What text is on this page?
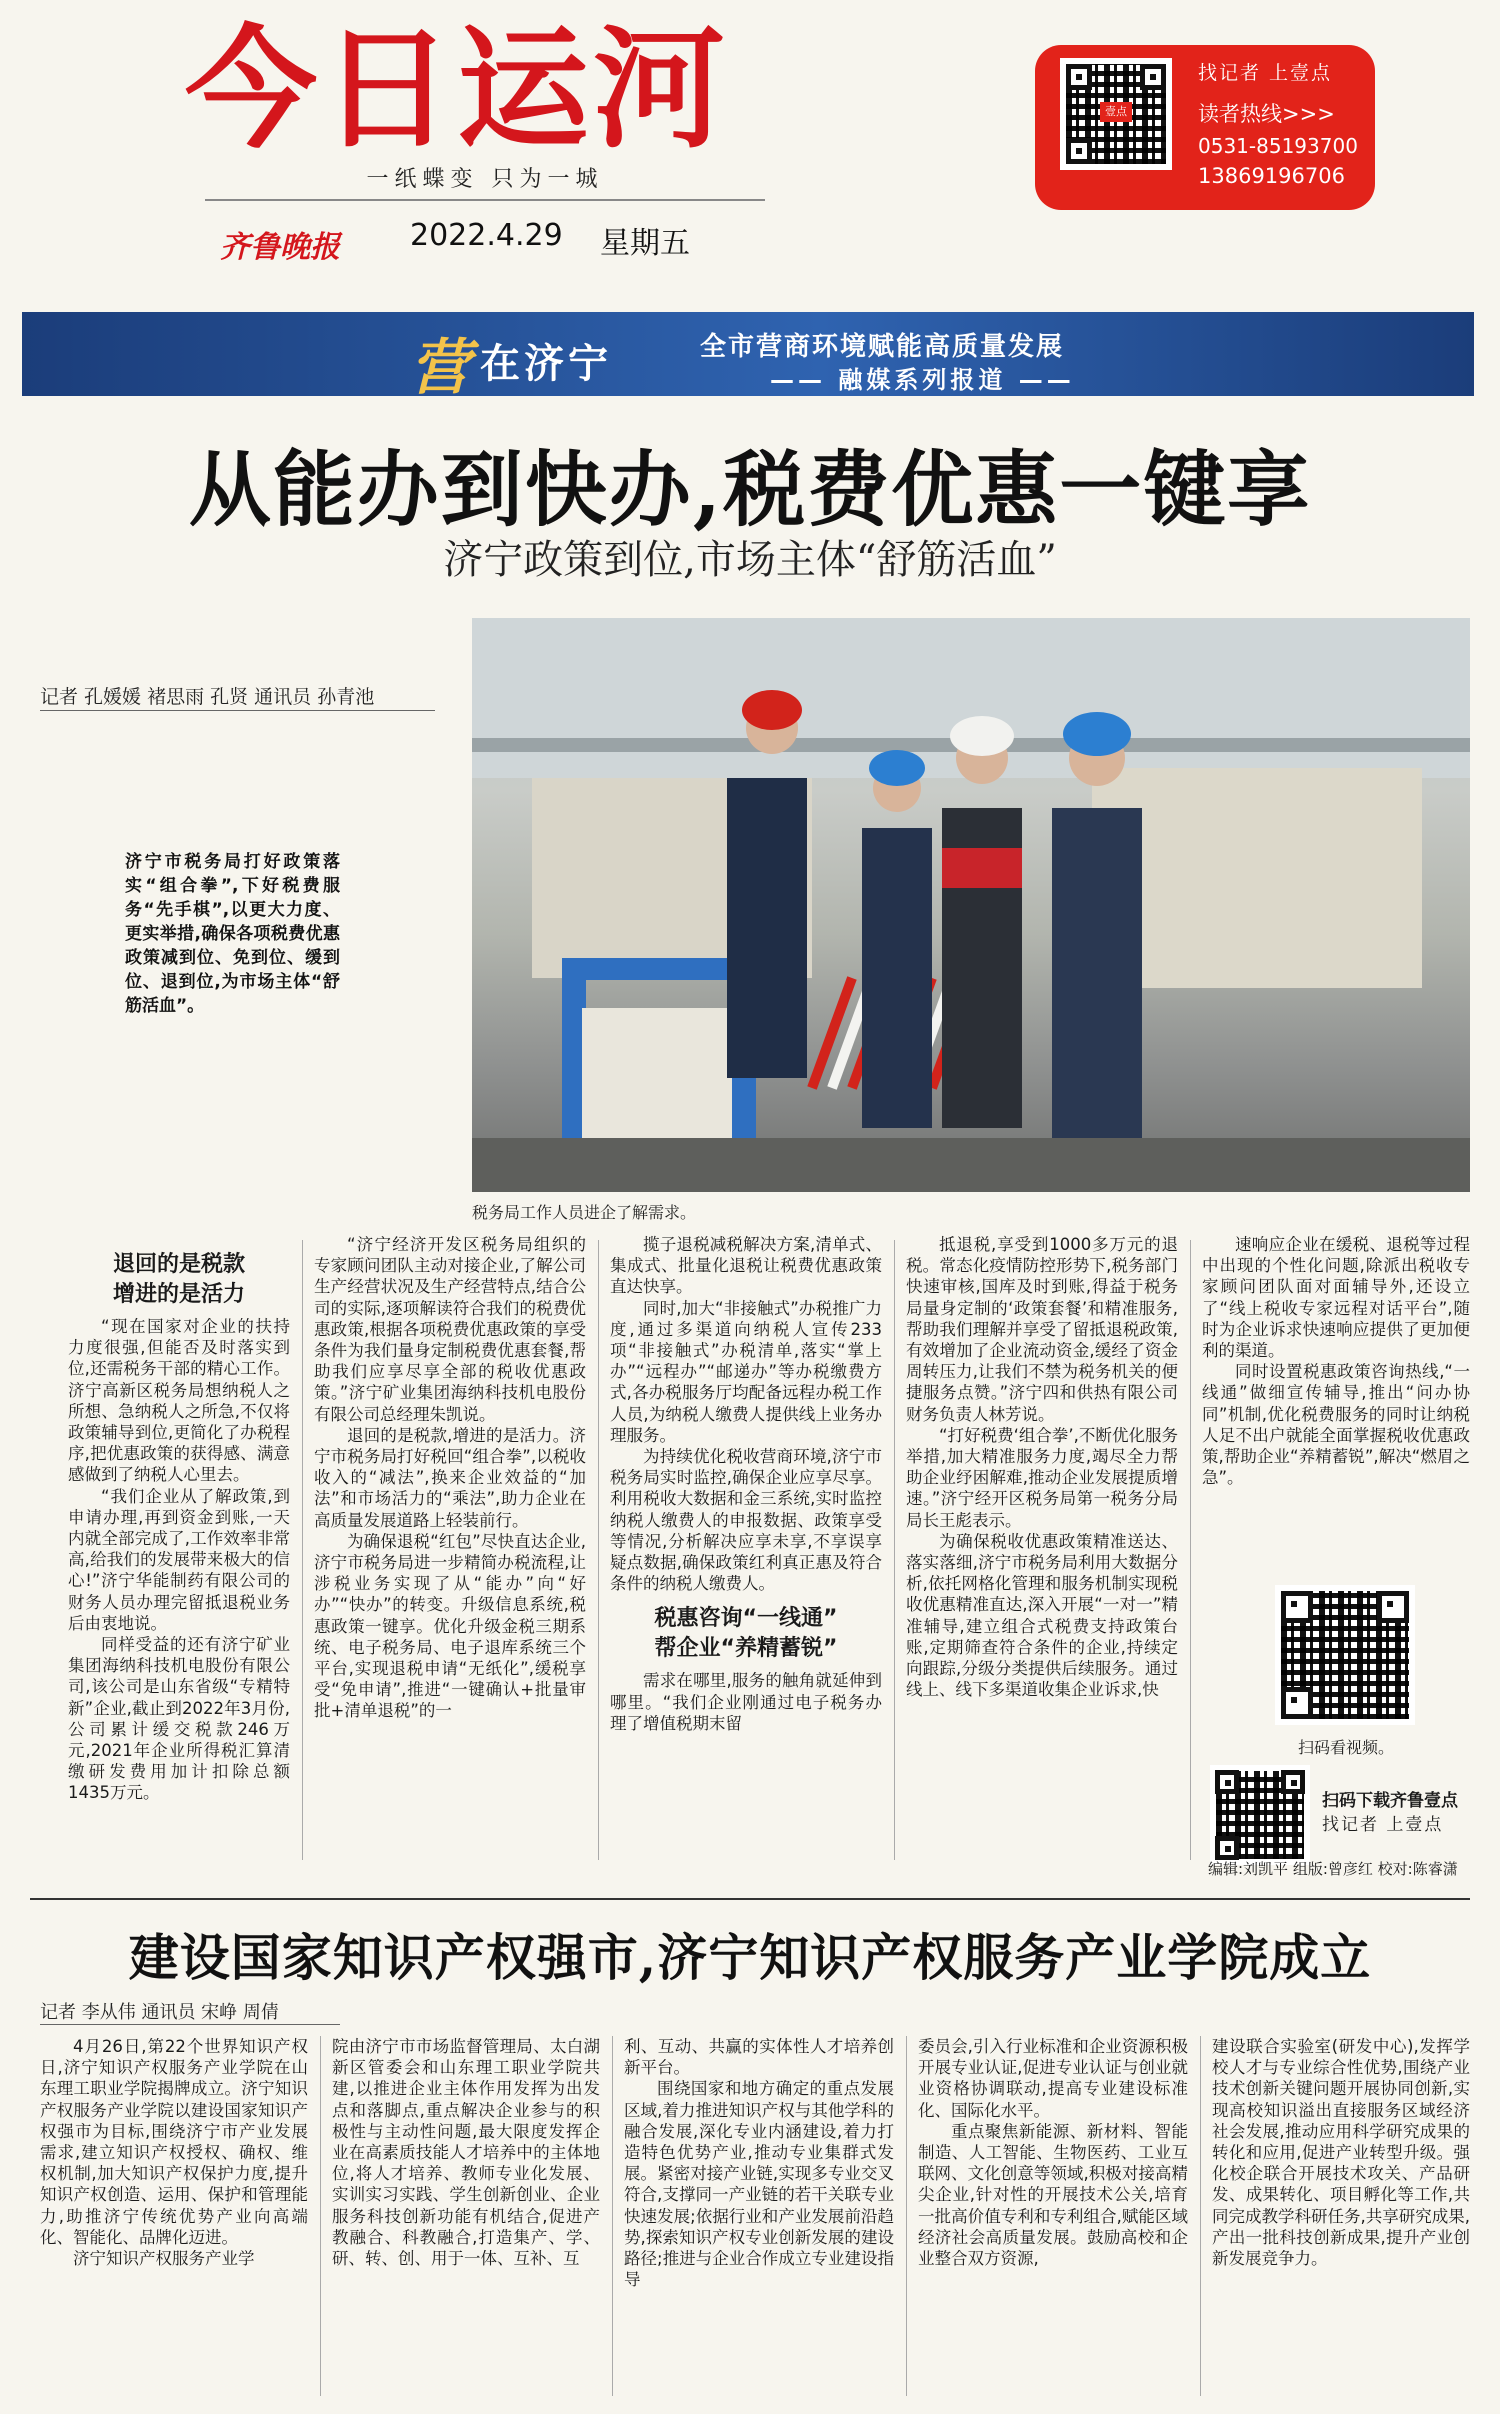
今日运河
一纸蝶变 只为一城
齐鲁晚报 2022.4.29 星期五
壹点
找记者 上壹点
读者热线>>>
0531-85193700
13869196706
营 在济宁	全市营商环境赋能高质量发展
—— 融媒系列报道 ——
从能办到快办,税费优惠一键享
济宁政策到位,市场主体“舒筋活血”
记者 孔媛媛 褚思雨 孔贤 通讯员 孙青池
税务局工作人员进企了解需求。
济宁市税务局打好政策落实“组合拳”,下好税费服务“先手棋”,以更大力度、更实举措,确保各项税费优惠政策减到位、免到位、缓到位、退到位,为市场主体“舒筋活血”。

退回的是税款
增进的是活力

“现在国家对企业的扶持力度很强,但能否及时落实到位,还需税务干部的精心工作。济宁高新区税务局想纳税人之所想、急纳税人之所急,不仅将政策辅导到位,更简化了办税程序,把优惠政策的获得感、满意感做到了纳税人心里去。

“我们企业从了解政策,到申请办理,再到资金到账,一天内就全部完成了,工作效率非常高,给我们的发展带来极大的信心!”济宁华能制药有限公司的财务人员办理完留抵退税业务后由衷地说。

同样受益的还有济宁矿业集团海纳科技机电股份有限公司,该公司是山东省级“专精特新”企业,截止到2022年3月份,公司累计缓交税款246万元,2021年企业所得税汇算清缴研发费用加计扣除总额1435万元。

“济宁经济开发区税务局组织的专家顾问团队主动对接企业,了解公司生产经营状况及生产经营特点,结合公司的实际,逐项解读符合我们的税费优惠政策,根据各项税费优惠政策的享受条件为我们量身定制税费优惠套餐,帮助我们应享尽享全部的税收优惠政策。”济宁矿业集团海纳科技机电股份有限公司总经理朱凯说。

退回的是税款,增进的是活力。济宁市税务局打好税回“组合拳”,以税收收入的“减法”,换来企业效益的“加法”和市场活力的“乘法”,助力企业在高质量发展道路上轻装前行。

为确保退税“红包”尽快直达企业,济宁市税务局进一步精简办税流程,让涉税业务实现了从“能办”向“好办”“快办”的转变。升级信息系统,税惠政策一键享。优化升级金税三期系统、电子税务局、电子退库系统三个平台,实现退税申请“无纸化”,缓税享受“免申请”,推进“一键确认+批量审批+清单退税”的一

揽子退税减税解决方案,清单式、集成式、批量化退税让税费优惠政策直达快享。

同时,加大“非接触式”办税推广力度,通过多渠道向纳税人宣传233项“非接触式”办税清单,落实“掌上办”“远程办”“邮递办”等办税缴费方式,各办税服务厅均配备远程办税工作人员,为纳税人缴费人提供线上业务办理服务。

为持续优化税收营商环境,济宁市税务局实时监控,确保企业应享尽享。利用税收大数据和金三系统,实时监控纳税人缴费人的申报数据、政策享受等情况,分析解决应享未享,不享误享疑点数据,确保政策红利真正惠及符合条件的纳税人缴费人。

税惠咨询“一线通”
帮企业“养精蓄锐”

需求在哪里,服务的触角就延伸到哪里。“我们企业刚通过电子税务办理了增值税期末留

抵退税,享受到1000多万元的退税。常态化疫情防控形势下,税务部门快速审核,国库及时到账,得益于税务局量身定制的‘政策套餐’和精准服务,帮助我们理解并享受了留抵退税政策,有效增加了企业流动资金,缓经了资金周转压力,让我们不禁为税务机关的便捷服务点赞。”济宁四和供热有限公司财务负责人林芳说。

“打好税费‘组合拳’,不断优化服务举措,加大精准服务力度,竭尽全力帮助企业纾困解难,推动企业发展提质增速。”济宁经开区税务局第一税务分局局长王彪表示。

为确保税收优惠政策精准送达、落实落细,济宁市税务局利用大数据分析,依托网格化管理和服务机制实现税收优惠精准直达,深入开展“一对一”精准辅导,建立组合式税费支持政策台账,定期筛查符合条件的企业,持续定向跟踪,分级分类提供后续服务。通过线上、线下多渠道收集企业诉求,快

速响应企业在缓税、退税等过程中出现的个性化问题,除派出税收专家顾问团队面对面辅导外,还设立了“线上税收专家远程对话平台”,随时为企业诉求快速响应提供了更加便利的渠道。

同时设置税惠政策咨询热线,“一线通”做细宣传辅导,推出“问办协同”机制,优化税费服务的同时让纳税人足不出户就能全面掌握税收优惠政策,帮助企业“养精蓄锐”,解决“燃眉之急”。

扫码看视频。
扫码下载齐鲁壹点
找记者 上壹点
编辑:刘凯平 组版:曾彦红 校对:陈睿潇
建设国家知识产权强市,济宁知识产权服务产业学院成立
记者 李从伟 通讯员 宋峥 周倩

4月26日,第22个世界知识产权日,济宁知识产权服务产业学院在山东理工职业学院揭牌成立。济宁知识产权服务产业学院以建设国家知识产权强市为目标,围绕济宁市产业发展需求,建立知识产权授权、确权、维权机制,加大知识产权保护力度,提升知识产权创造、运用、保护和管理能力,助推济宁传统优势产业向高端化、智能化、品牌化迈进。

济宁知识产权服务产业学

院由济宁市市场监督管理局、太白湖新区管委会和山东理工职业学院共建,以推进企业主体作用发挥为出发点和落脚点,重点解决企业参与的积极性与主动性问题,最大限度发挥企业在高素质技能人才培养中的主体地位,将人才培养、教师专业化发展、实训实习实践、学生创新创业、企业服务科技创新功能有机结合,促进产教融合、科教融合,打造集产、学、研、转、创、用于一体、互补、互

利、互动、共赢的实体性人才培养创新平台。

围绕国家和地方确定的重点发展区域,着力推进知识产权与其他学科的融合发展,深化专业内涵建设,着力打造特色优势产业,推动专业集群式发展。紧密对接产业链,实现多专业交叉符合,支撑同一产业链的若干关联专业快速发展;依据行业和产业发展前沿趋势,探索知识产权专业创新发展的建设路径;推进与企业合作成立专业建设指导

委员会,引入行业标准和企业资源积极开展专业认证,促进专业认证与创业就业资格协调联动,提高专业建设标准化、国际化水平。

重点聚焦新能源、新材料、智能制造、人工智能、生物医药、工业互联网、文化创意等领域,积极对接高精尖企业,针对性的开展技术公关,培育一批高价值专利和专利组合,赋能区域经济社会高质量发展。鼓励高校和企业整合双方资源,

建设联合实验室(研发中心),发挥学校人才与专业综合性优势,围绕产业技术创新关键问题开展协同创新,实现高校知识溢出直接服务区域经济社会发展,推动应用科学研究成果的转化和应用,促进产业转型升级。强化校企联合开展技术攻关、产品研发、成果转化、项目孵化等工作,共同完成教学科研任务,共享研究成果,产出一批科技创新成果,提升产业创新发展竞争力。
